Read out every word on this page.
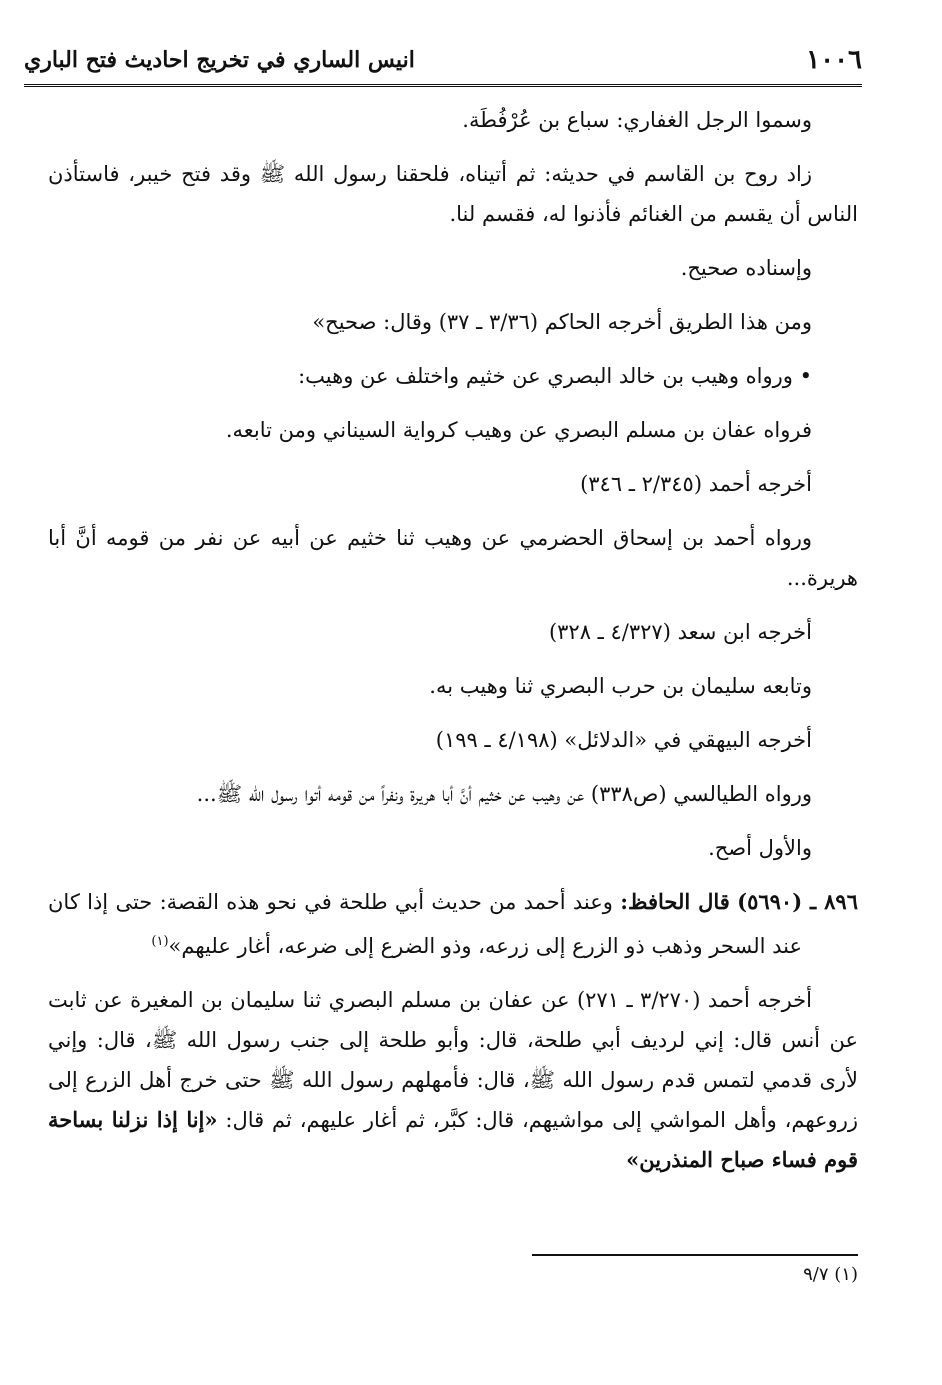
١٠٠٦
انيس الساري في تخريج احاديث فتح الباري

وسموا الرجل الغفاري: سباع بن عُرْفُطَة.

زاد روح بن القاسم في حديثه: ثم أتيناه، فلحقنا رسول الله ﷺ وقد فتح خيبر، فاستأذن الناس أن يقسم من الغنائم فأذنوا له، فقسم لنا.

وإسناده صحيح.

ومن هذا الطريق أخرجه الحاكم (٣/٣٦ ـ ٣٧) وقال: صحيح»

• ورواه وهيب بن خالد البصري عن خثيم واختلف عن وهيب:

فرواه عفان بن مسلم البصري عن وهيب كرواية السيناني ومن تابعه.

أخرجه أحمد (٢/٣٤٥ ـ ٣٤٦)

ورواه أحمد بن إسحاق الحضرمي عن وهيب ثنا خثيم عن أبيه عن نفر من قومه أنَّ أبا هريرة...

أخرجه ابن سعد (٤/٣٢٧ ـ ٣٢٨)

وتابعه سليمان بن حرب البصري ثنا وهيب به.

أخرجه البيهقي في «الدلائل» (٤/١٩٨ ـ ١٩٩)

ورواه الطيالسي (ص٣٣٨) عن وهيب عن خثيم أنَّ أبا هريرة ونفراً من قومه أتوا رسول الله ﷺ...

والأول أصح.

٨٩٦ ـ (٥٦٩٠) قال الحافظ: وعند أحمد من حديث أبي طلحة في نحو هذه القصة: حتى إذا كان عند السحر وذهب ذو الزرع إلى زرعه، وذو الضرع إلى ضرعه، أغار عليهم»$^{(١)}$

أخرجه أحمد (٣/٢٧٠ ـ ٢٧١) عن عفان بن مسلم البصري ثنا سليمان بن المغيرة عن ثابت عن أنس قال: إني لرديف أبي طلحة، قال: وأبو طلحة إلى جنب رسول الله ﷺ، قال: وإني لأرى قدمي لتمس قدم رسول الله ﷺ، قال: فأمهلهم رسول الله ﷺ حتى خرج أهل الزرع إلى زروعهم، وأهل المواشي إلى مواشيهم، قال: كبَّر، ثم أغار عليهم، ثم قال: «إنا إذا نزلنا بساحة قوم فساء صباح المنذرين»

(١) ٩/٧
